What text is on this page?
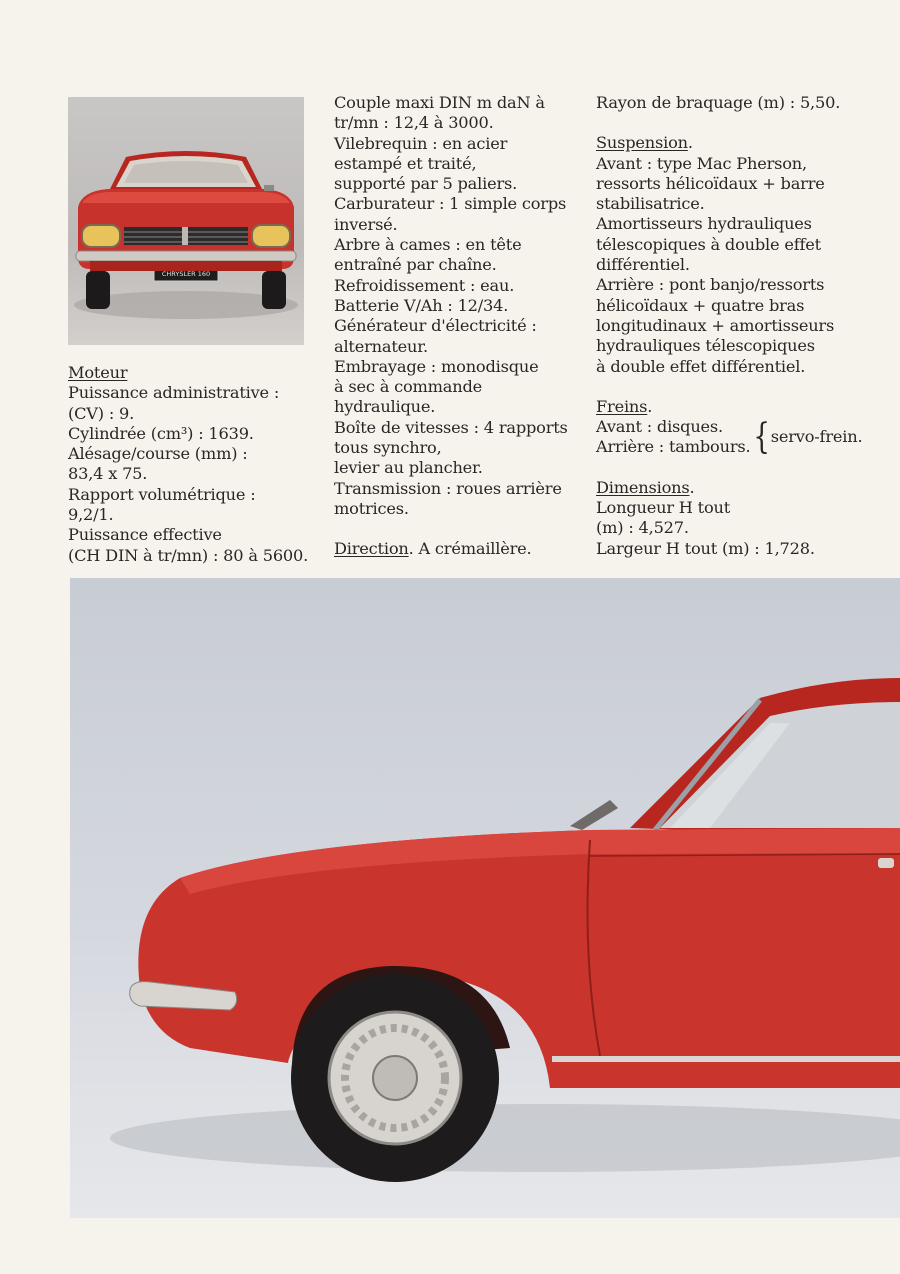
CHRYSLER 160

Moteur

Puissance administrative :

(CV) : 9.

Cylindrée (cm³) : 1639.

Alésage/course (mm) :

83,4 x 75.

Rapport volumétrique :

9,2/1.

Puissance effective

(CH DIN à tr/mn) : 80 à 5600.

Couple maxi DIN m daN à

tr/mn : 12,4 à 3000.

Vilebrequin : en acier

estampé et traité,

supporté par 5 paliers.

Carburateur : 1 simple corps

inversé.

Arbre à cames : en tête

entraîné par chaîne.

Refroidissement : eau.

Batterie V/Ah : 12/34.

Générateur d'électricité :

alternateur.

Embrayage : monodisque

à sec à commande

hydraulique.

Boîte de vitesses : 4 rapports

tous synchro,

levier au plancher.

Transmission : roues arrière

motrices.

Direction. A crémaillère.

Rayon de braquage (m) : 5,50.

Suspension.

Avant : type Mac Pherson,

ressorts hélicoïdaux + barre

stabilisatrice.

Amortisseurs hydrauliques

télescopiques à double effet

différentiel.

Arrière : pont banjo/ressorts

hélicoïdaux + quatre bras

longitudinaux + amortisseurs

hydrauliques télescopiques

à double effet différentiel.

Freins.

Avant : disques.

Arrière : tambours. {servo-frein.

Dimensions.

Longueur H tout

(m) : 4,527.

Largeur H tout (m) : 1,728.
